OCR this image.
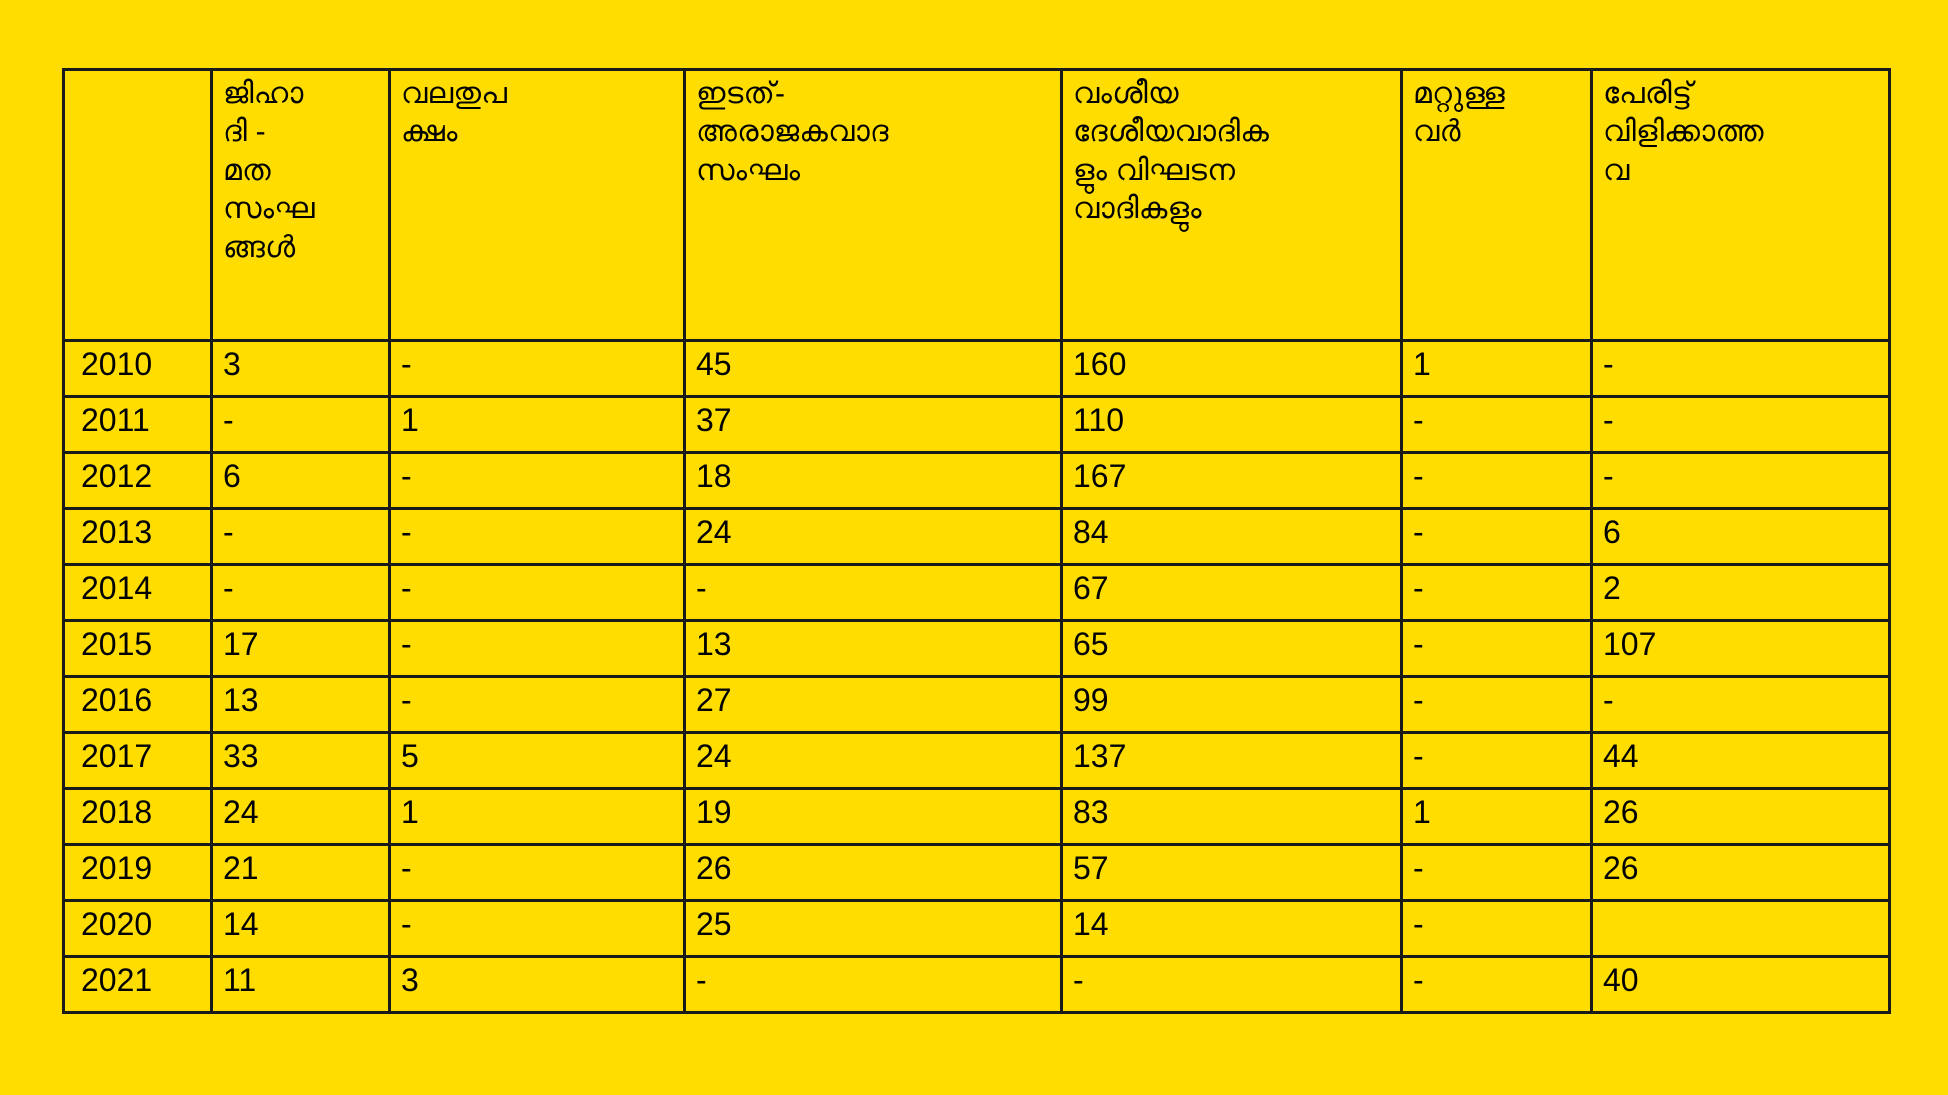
	ജിഹാ
ദി -
മത
സംഘ
ങ്ങള്‍	വലതുപ
ക്ഷം	ഇടത്-
അരാജകവാദ
സംഘം	വംശീയ
ദേശീയവാദിക
ളും വിഘടന
വാദികളും	മറ്റുള്ള
വര്‍	പേരിട്ട്
വിളിക്കാത്ത
വ

2010	3	-	45	160	1	-
2011	-	1	37	110	-	-
2012	6	-	18	167	-	-
2013	-	-	24	84	-	6
2014	-	-	-	67	-	2
2015	17	-	13	65	-	107
2016	13	-	27	99	-	-
2017	33	5	24	137	-	44
2018	24	1	19	83	1	26
2019	21	-	26	57	-	26
2020	14	-	25	14	-	
2021	11	3	-	-	-	40
